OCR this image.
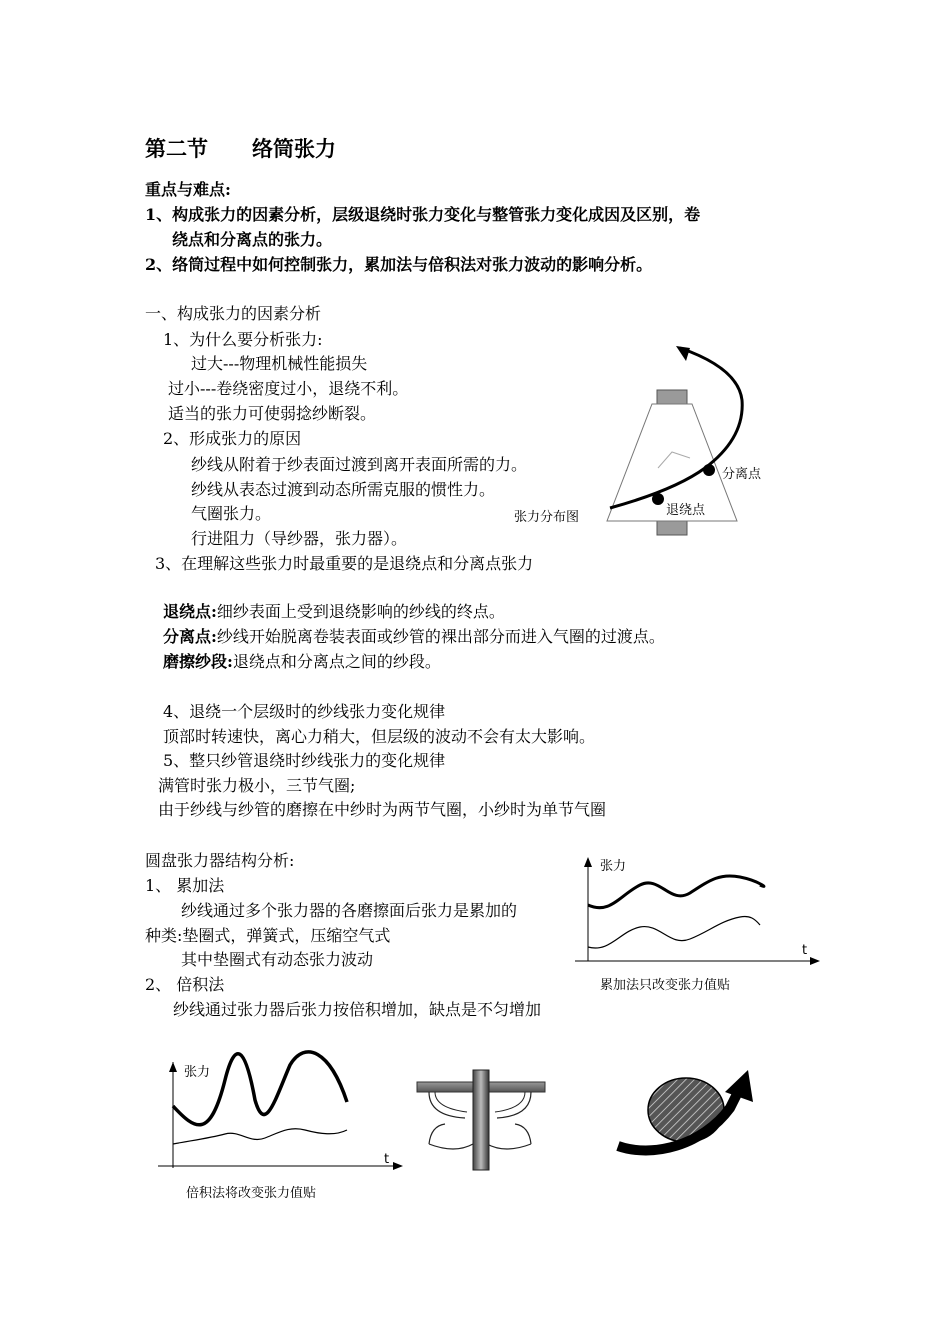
第二节 络筒张力
重点与难点:
1、构成张力的因素分析，层级退绕时张力变化与整管张力变化成因及区别，卷
绕点和分离点的张力。
2、络筒过程中如何控制张力，累加法与倍积法对张力波动的影响分析。
一、构成张力的因素分析
1、为什么要分析张力:
过大---物理机械性能损失
过小---卷绕密度过小，退绕不利。
适当的张力可使弱捻纱断裂。
2、形成张力的原因
纱线从附着于纱表面过渡到离开表面所需的力。
纱线从表态过渡到动态所需克服的惯性力。
气圈张力。
行进阻力（导纱器，张力器）。
3、在理解这些张力时最重要的是退绕点和分离点张力
分离点
退绕点
张力分布图
退绕点:细纱表面上受到退绕影响的纱线的终点。
分离点:纱线开始脱离卷装表面或纱管的裸出部分而进入气圈的过渡点。
磨擦纱段:退绕点和分离点之间的纱段。
4、退绕一个层级时的纱线张力变化规律
顶部时转速快，离心力稍大，但层级的波动不会有太大影响。
5、整只纱管退绕时纱线张力的变化规律
满管时张力极小，三节气圈;
由于纱线与纱管的磨擦在中纱时为两节气圈，小纱时为单节气圈
圆盘张力器结构分析:
1、 累加法
纱线通过多个张力器的各磨擦面后张力是累加的
种类:垫圈式，弹簧式，压缩空气式
其中垫圈式有动态张力波动
2、 倍积法
纱线通过张力器后张力按倍积增加，缺点是不匀增加
张力
t
累加法只改变张力值贴
张力
t
倍积法将改变张力值贴
